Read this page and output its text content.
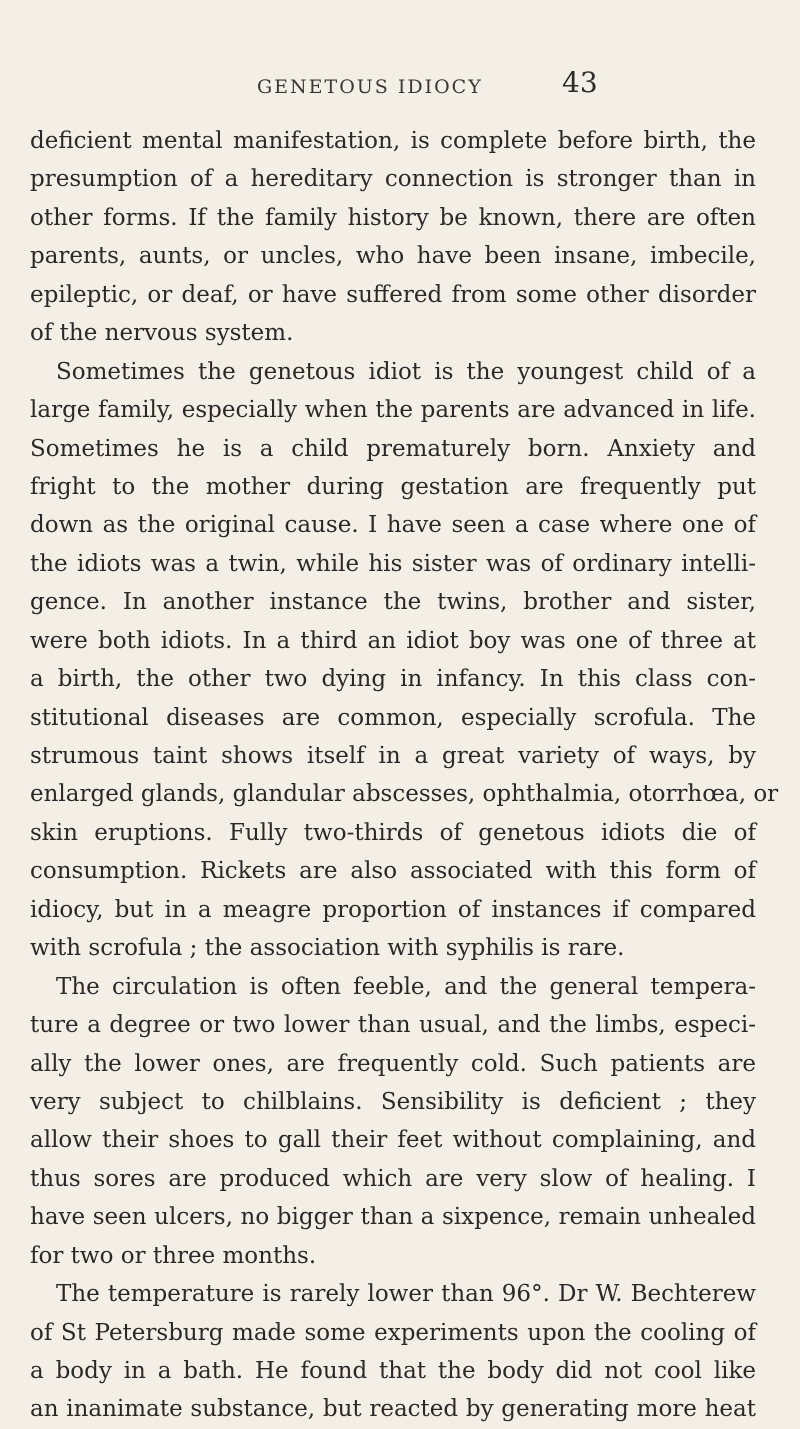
GENETOUS IDIOCY	43
deficient mental manifestation, is complete before birth, the
presumption of a hereditary connection is stronger than in
other forms. If the family history be known, there are often
parents, aunts, or uncles, who have been insane, imbecile,
epileptic, or deaf, or have suffered from some other disorder
of the nervous system.
Sometimes the genetous idiot is the youngest child of a
large family, especially when the parents are advanced in life.
Sometimes he is a child prematurely born. Anxiety and
fright to the mother during gestation are frequently put
down as the original cause. I have seen a case where one of
the idiots was a twin, while his sister was of ordinary intelli-
gence. In another instance the twins, brother and sister,
were both idiots. In a third an idiot boy was one of three at
a birth, the other two dying in infancy. In this class con-
stitutional diseases are common, especially scrofula. The
strumous taint shows itself in a great variety of ways, by
enlarged glands, glandular abscesses, ophthalmia, otorrhœa, or
skin eruptions. Fully two-thirds of genetous idiots die of
consumption. Rickets are also associated with this form of
idiocy, but in a meagre proportion of instances if compared
with scrofula ; the association with syphilis is rare.
The circulation is often feeble, and the general tempera-
ture a degree or two lower than usual, and the limbs, especi-
ally the lower ones, are frequently cold. Such patients are
very subject to chilblains. Sensibility is deficient ; they
allow their shoes to gall their feet without complaining, and
thus sores are produced which are very slow of healing. I
have seen ulcers, no bigger than a sixpence, remain unhealed
for two or three months.
The temperature is rarely lower than 96°. Dr W. Bechterew
of St Petersburg made some experiments upon the cooling of
a body in a bath. He found that the body did not cool like
an inanimate substance, but reacted by generating more heat
